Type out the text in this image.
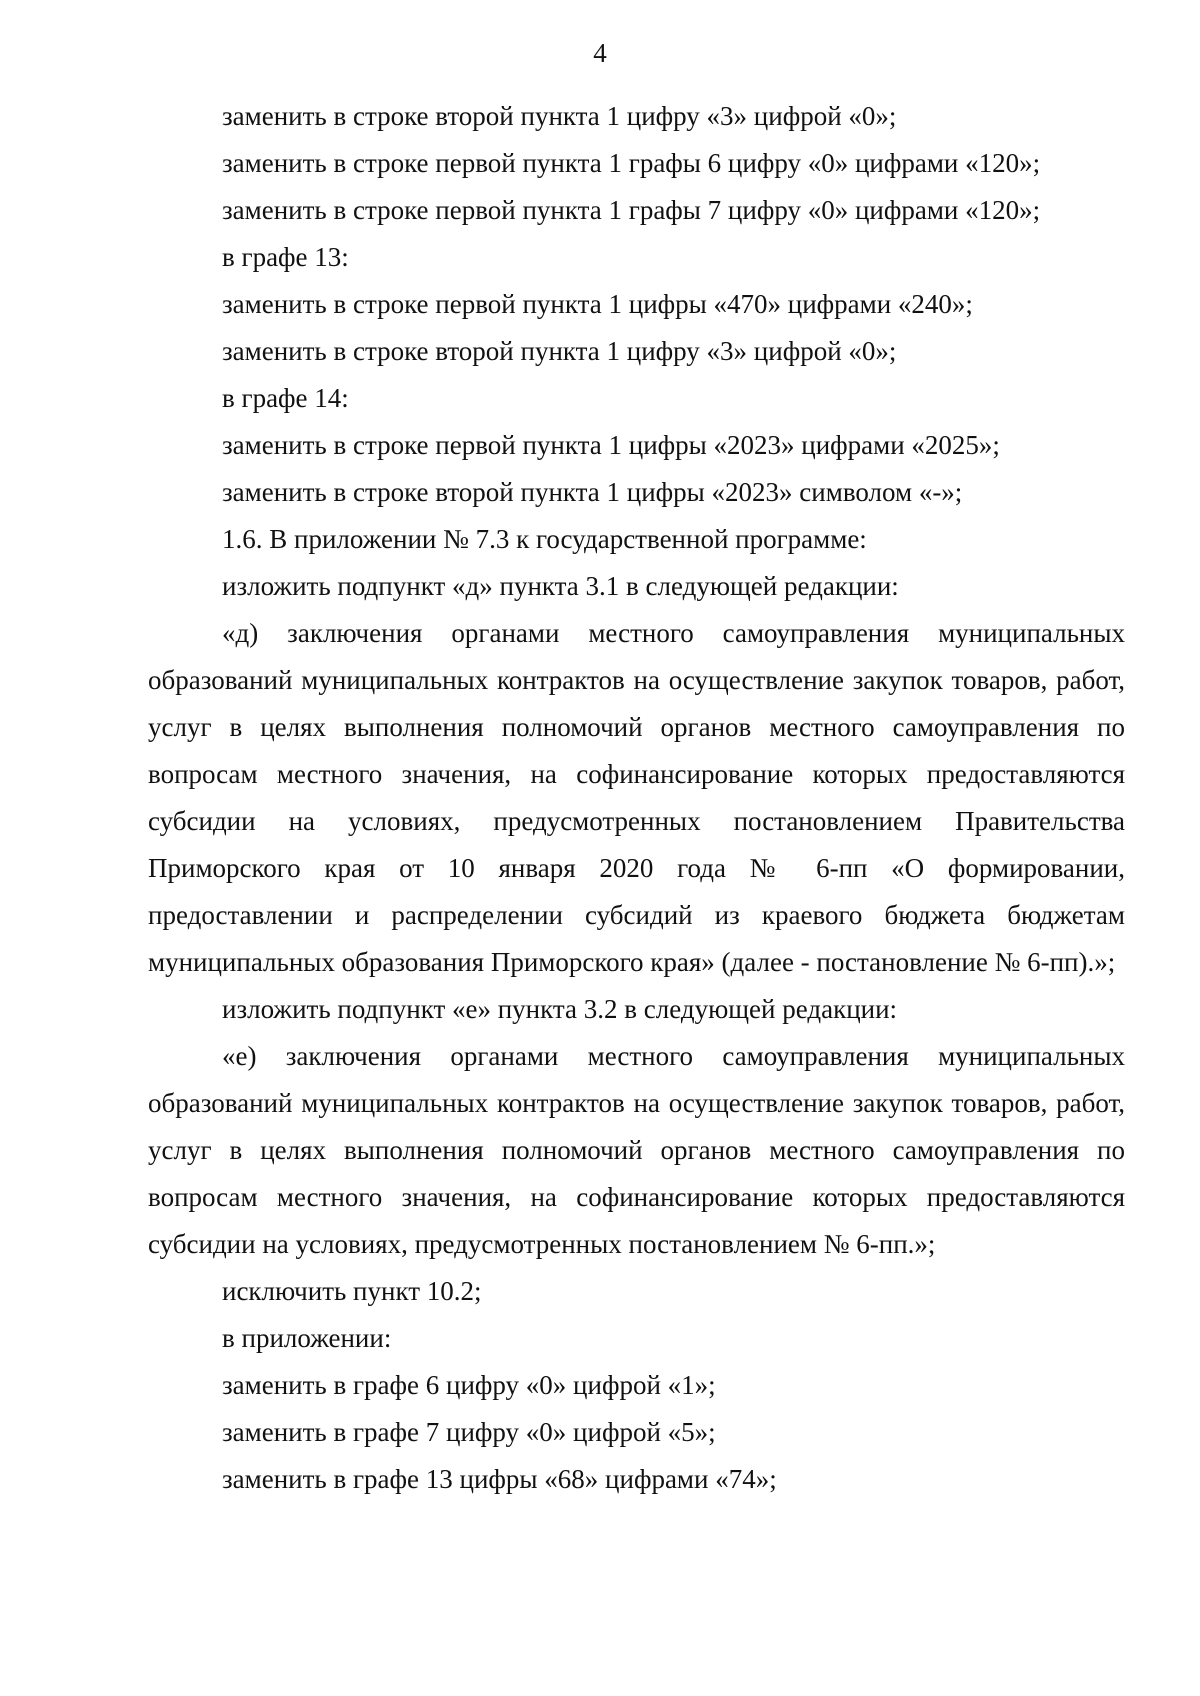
4

заменить в строке второй пункта 1 цифру «3» цифрой «0»;

заменить в строке первой пункта 1 графы 6 цифру «0» цифрами «120»;

заменить в строке первой пункта 1 графы 7 цифру «0» цифрами «120»;

в графе 13:

заменить в строке первой пункта 1 цифры «470» цифрами «240»;

заменить в строке второй пункта 1 цифру «3» цифрой «0»;

в графе 14:

заменить в строке первой пункта 1 цифры «2023» цифрами «2025»;

заменить в строке второй пункта 1 цифры «2023» символом «-»;

1.6. В приложении № 7.3 к государственной программе:

изложить подпункт «д» пункта 3.1 в следующей редакции:

«д) заключения органами местного самоуправления муниципальных образований муниципальных контрактов на осуществление закупок товаров, работ, услуг в целях выполнения полномочий органов местного самоуправления по вопросам местного значения, на софинансирование которых предоставляются субсидии на условиях, предусмотренных постановлением Правительства Приморского края от 10 января 2020 года № 6-пп «О формировании, предоставлении и распределении субсидий из краевого бюджета бюджетам муниципальных образования Приморского края» (далее - постановление № 6-пп).»;

изложить подпункт «е» пункта 3.2 в следующей редакции:

«е) заключения органами местного самоуправления муниципальных образований муниципальных контрактов на осуществление закупок товаров, работ, услуг в целях выполнения полномочий органов местного самоуправления по вопросам местного значения, на софинансирование которых предоставляются субсидии на условиях, предусмотренных постановлением № 6-пп.»;

исключить пункт 10.2;

в приложении:

заменить в графе 6 цифру «0» цифрой «1»;

заменить в графе 7 цифру «0» цифрой «5»;

заменить в графе 13 цифры «68» цифрами «74»;
